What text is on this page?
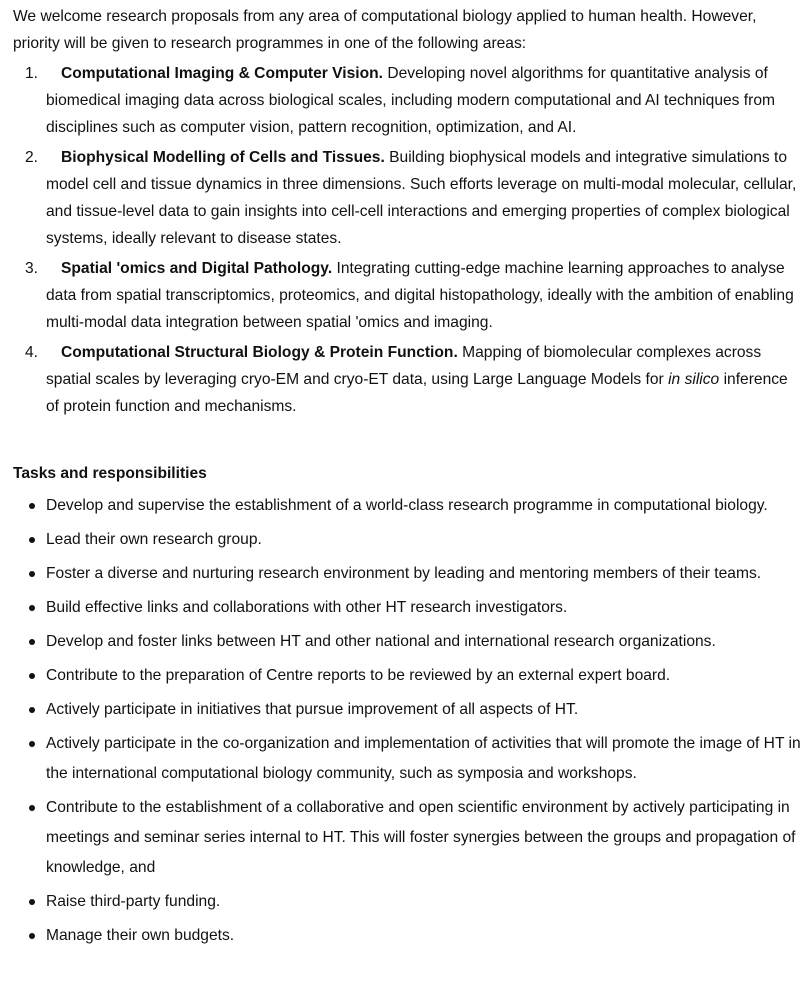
We welcome research proposals from any area of computational biology applied to human health. However, priority will be given to research programmes in one of the following areas:

1.	Computational Imaging & Computer Vision. Developing novel algorithms for quantitative analysis of biomedical imaging data across biological scales, including modern computational and AI techniques from disciplines such as computer vision, pattern recognition, optimization, and AI.
2.	Biophysical Modelling of Cells and Tissues. Building biophysical models and integrative simulations to model cell and tissue dynamics in three dimensions. Such efforts leverage on multi-modal molecular, cellular, and tissue-level data to gain insights into cell-cell interactions and emerging properties of complex biological systems, ideally relevant to disease states.
3.	Spatial 'omics and Digital Pathology. Integrating cutting-edge machine learning approaches to analyse data from spatial transcriptomics, proteomics, and digital histopathology, ideally with the ambition of enabling multi-modal data integration between spatial 'omics and imaging.
4.	Computational Structural Biology & Protein Function. Mapping of biomolecular complexes across spatial scales by leveraging cryo-EM and cryo-ET data, using Large Language Models for in silico inference of protein function and mechanisms.

Tasks and responsibilities

Develop and supervise the establishment of a world-class research programme in computational biology.
Lead their own research group.
Foster a diverse and nurturing research environment by leading and mentoring members of their teams.
Build effective links and collaborations with other HT research investigators.
Develop and foster links between HT and other national and international research organizations.
Contribute to the preparation of Centre reports to be reviewed by an external expert board.
Actively participate in initiatives that pursue improvement of all aspects of HT.
Actively participate in the co-organization and implementation of activities that will promote the image of HT in the international computational biology community, such as symposia and workshops.
Contribute to the establishment of a collaborative and open scientific environment by actively participating in meetings and seminar series internal to HT. This will foster synergies between the groups and propagation of knowledge, and
Raise third-party funding.
Manage their own budgets.
